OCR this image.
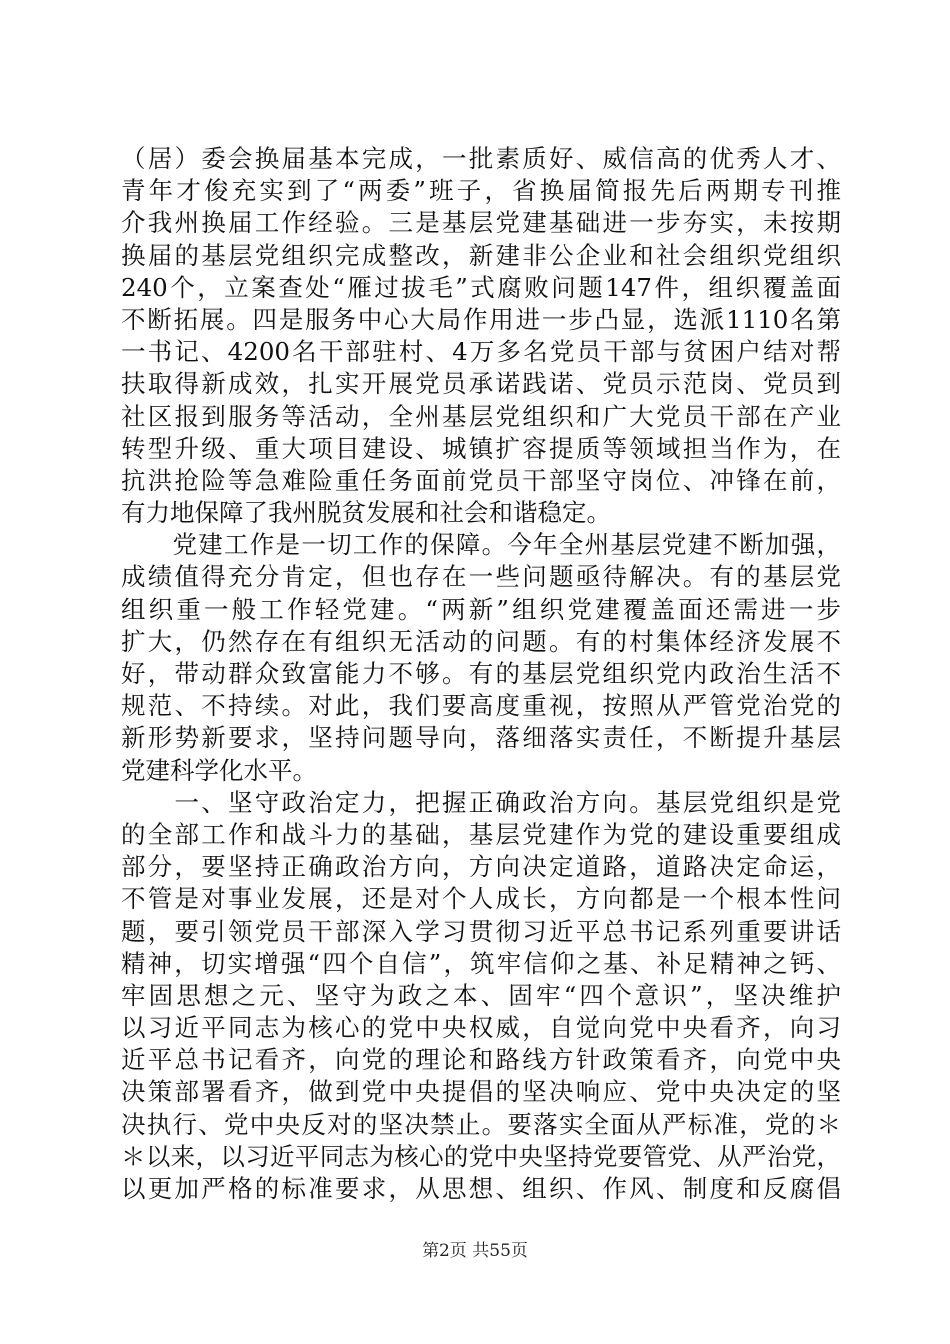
（居）委会换届基本完成，一批素质好、威信高的优秀人才、
青年才俊充实到了“两委”班子，省换届简报先后两期专刊推
介我州换届工作经验。三是基层党建基础进一步夯实，未按期
换届的基层党组织完成整改，新建非公企业和社会组织党组织
240个，立案查处“雁过拔毛”式腐败问题147件，组织覆盖面
不断拓展。四是服务中心大局作用进一步凸显，选派1110名第
一书记、4200名干部驻村、4万多名党员干部与贫困户结对帮
扶取得新成效，扎实开展党员承诺践诺、党员示范岗、党员到
社区报到服务等活动，全州基层党组织和广大党员干部在产业
转型升级、重大项目建设、城镇扩容提质等领域担当作为，在
抗洪抢险等急难险重任务面前党员干部坚守岗位、冲锋在前，
有力地保障了我州脱贫发展和社会和谐稳定。
　　党建工作是一切工作的保障。今年全州基层党建不断加强，
成绩值得充分肯定，但也存在一些问题亟待解决。有的基层党
组织重一般工作轻党建。“两新”组织党建覆盖面还需进一步
扩大，仍然存在有组织无活动的问题。有的村集体经济发展不
好，带动群众致富能力不够。有的基层党组织党内政治生活不
规范、不持续。对此，我们要高度重视，按照从严管党治党的
新形势新要求，坚持问题导向，落细落实责任，不断提升基层
党建科学化水平。
　　一、坚守政治定力，把握正确政治方向。基层党组织是党
的全部工作和战斗力的基础，基层党建作为党的建设重要组成
部分，要坚持正确政治方向，方向决定道路，道路决定命运，
不管是对事业发展，还是对个人成长，方向都是一个根本性问
题，要引领党员干部深入学习贯彻习近平总书记系列重要讲话
精神，切实增强“四个自信”，筑牢信仰之基、补足精神之钙、
牢固思想之元、坚守为政之本、固牢“四个意识”，坚决维护
以习近平同志为核心的党中央权威，自觉向党中央看齐，向习
近平总书记看齐，向党的理论和路线方针政策看齐，向党中央
决策部署看齐，做到党中央提倡的坚决响应、党中央决定的坚
决执行、党中央反对的坚决禁止。要落实全面从严标准，党的＊
＊以来，以习近平同志为核心的党中央坚持党要管党、从严治党，
以更加严格的标准要求，从思想、组织、作风、制度和反腐倡
第2页 共55页
